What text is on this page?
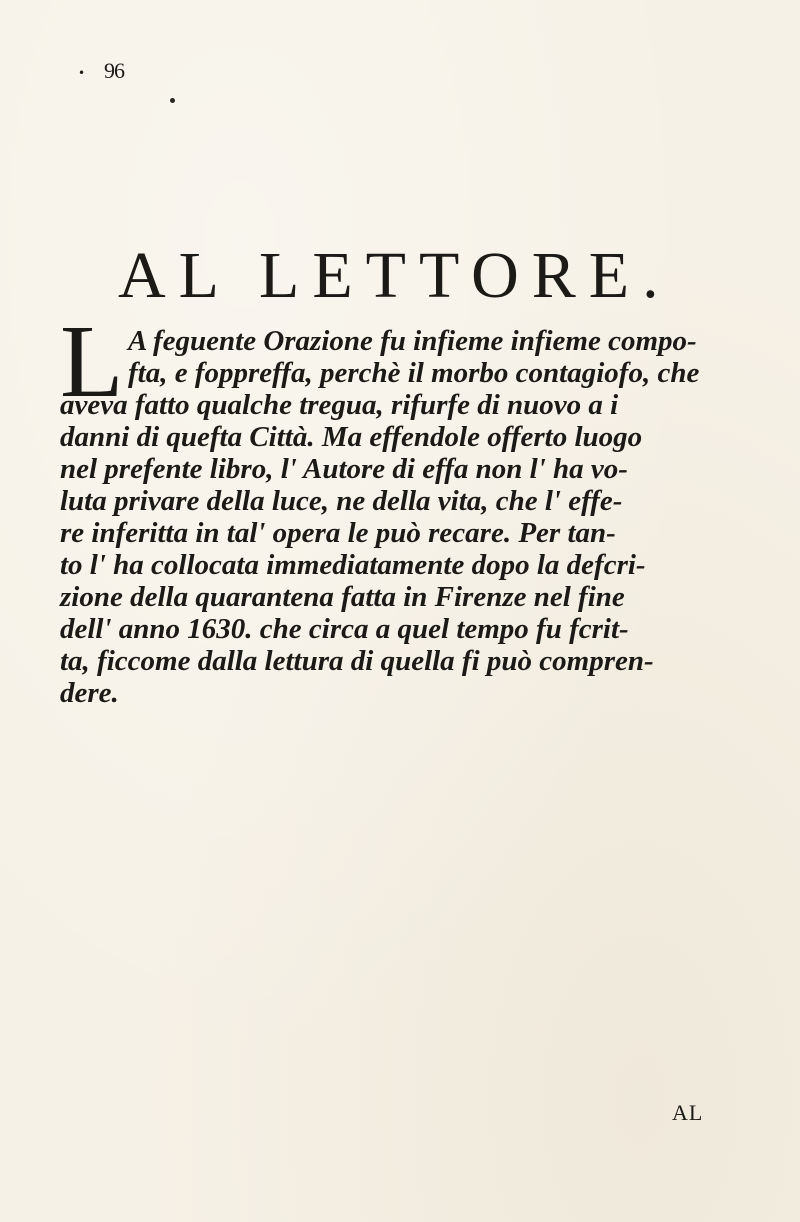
• 96
AL LETTORE.
L A feguente Orazione fu infieme infieme compo-
fta, e foppreffa, perchè il morbo contagiofo, che
aveva fatto qualche tregua, rifurfe di nuovo a i
danni di quefta Città. Ma effendole offerto luogo
nel prefente libro, l' Autore di effa non l' ha vo-
luta privare della luce, ne della vita, che l' effe-
re inferitta in tal' opera le può recare. Per tan-
to l' ha collocata immediatamente dopo la defcri-
zione della quarantena fatta in Firenze nel fine
dell' anno 1630. che circa a quel tempo fu fcrit-
ta, ficcome dalla lettura di quella fi può compren-
dere.
AL
